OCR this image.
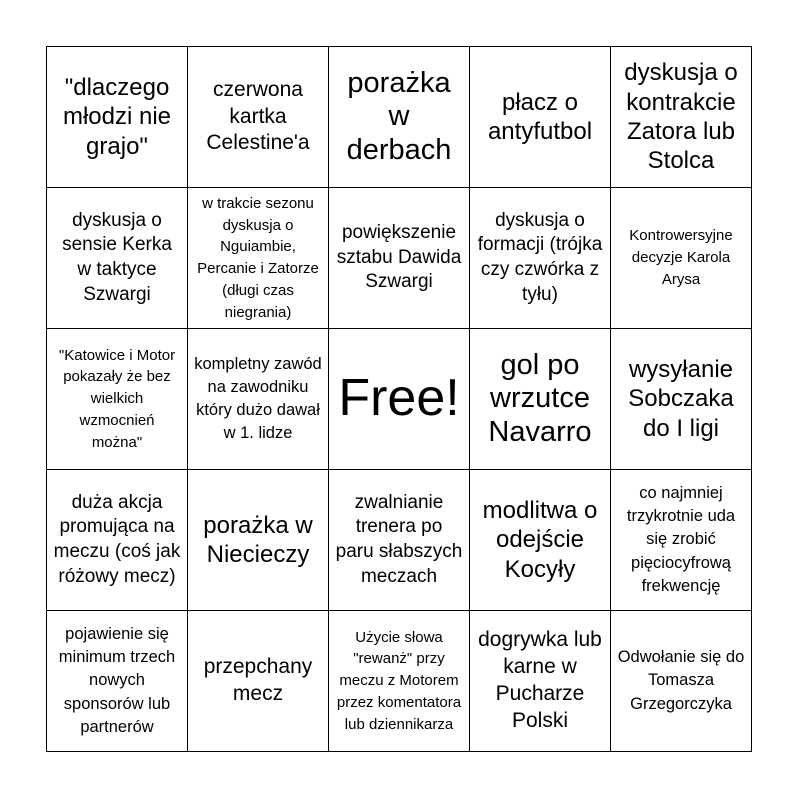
"dlaczego młodzi nie grajo"
czerwona kartka Celestine'a
porażka w derbach
płacz o antyfutbol
dyskusja o kontrakcie Zatora lub Stolca
dyskusja o sensie Kerka w taktyce Szwargi
w trakcie sezonu dyskusja o Nguiambie, Percanie i Zatorze (długi czas niegrania)
powiększenie sztabu Dawida Szwargi
dyskusja o formacji (trójka czy czwórka z tyłu)
Kontrowersyjne decyzje Karola Arysa
"Katowice i Motor pokazały że bez wielkich wzmocnień można"
kompletny zawód na zawodniku który dużo dawał w 1. lidze
Free!
gol po wrzutce Navarro
wysyłanie Sobczaka do I ligi
duża akcja promująca na meczu (coś jak różowy mecz)
porażka w Niecieczy
zwalnianie trenera po paru słabszych meczach
modlitwa o odejście Kocyły
co najmniej trzykrotnie uda się zrobić pięciocyfrową frekwencję
pojawienie się minimum trzech nowych sponsorów lub partnerów
przepchany mecz
Użycie słowa "rewanż" przy meczu z Motorem przez komentatora lub dziennikarza
dogrywka lub karne w Pucharze Polski
Odwołanie się do Tomasza Grzegorczyka
